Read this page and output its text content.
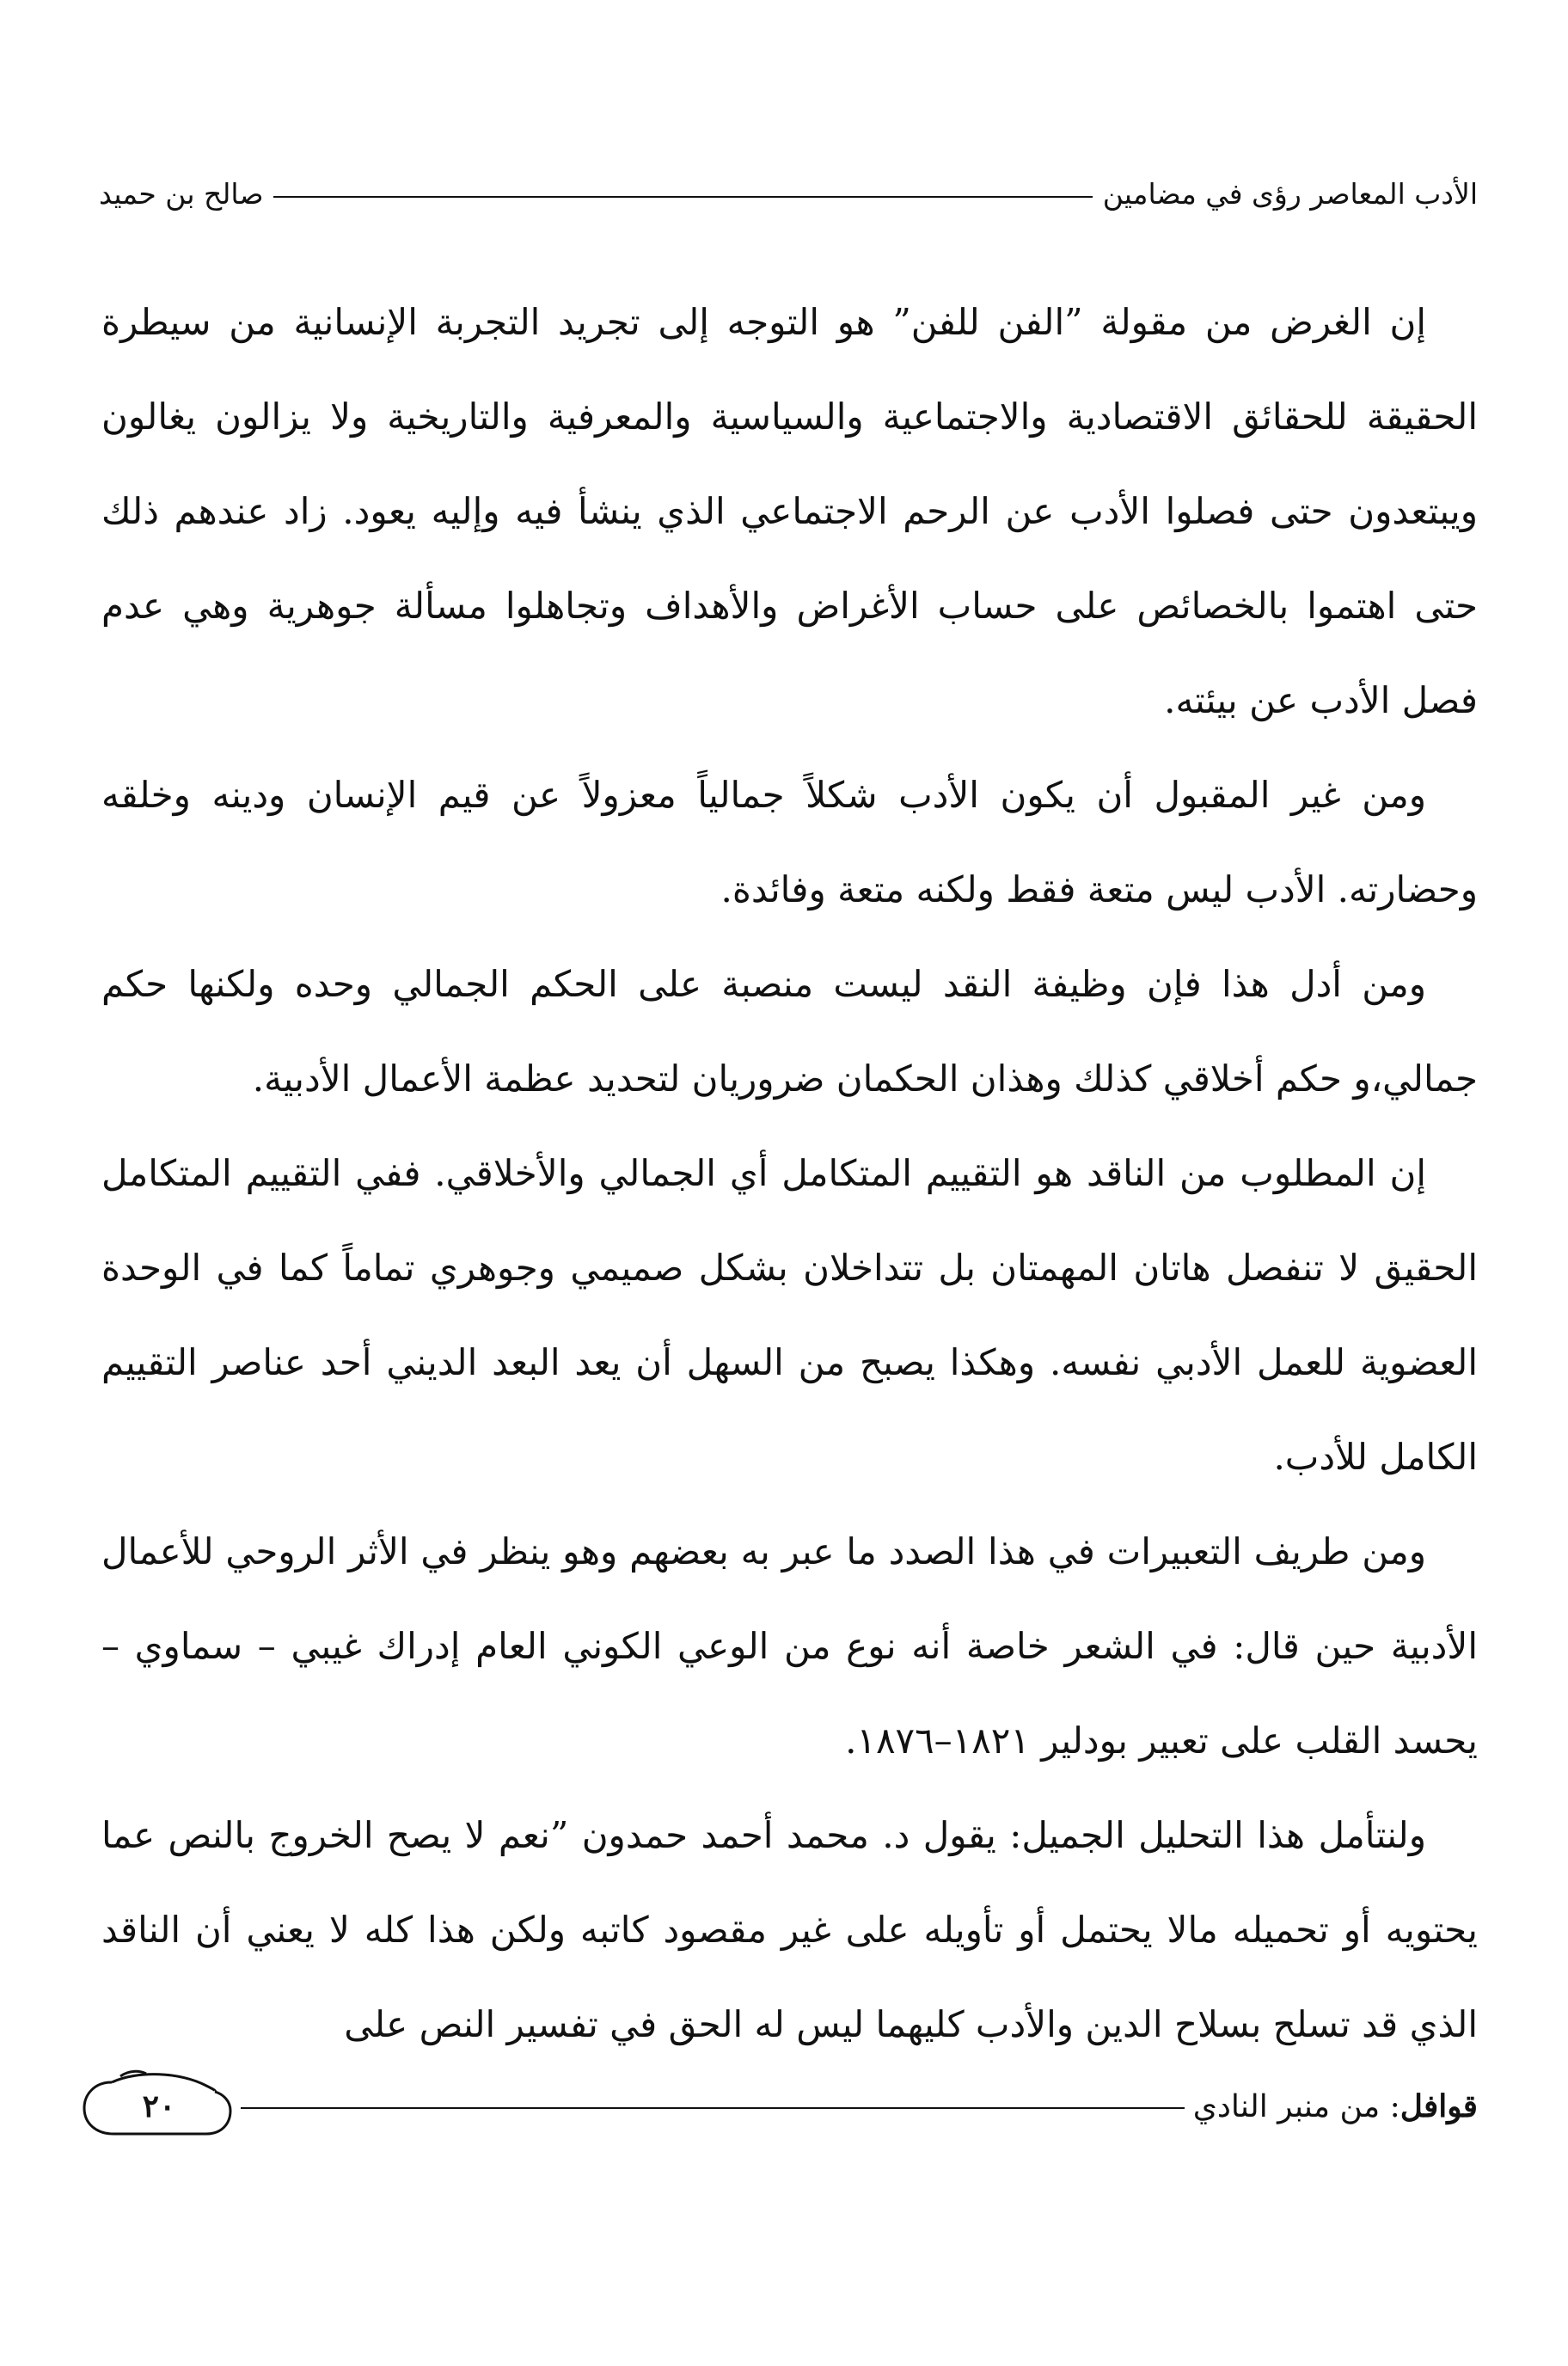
الأدب المعاصر رؤى في مضامين
صالح بن حميد

إن الغرض من مقولة ”الفن للفن” هو التوجه إلى تجريد التجربة الإنسانية من سيطرة الحقيقة للحقائق الاقتصادية والاجتماعية والسياسية والمعرفية والتاريخية ولا يزالون يغالون ويبتعدون حتى فصلوا الأدب عن الرحم الاجتماعي الذي ينشأ فيه وإليه يعود. زاد عندهم ذلك حتى اهتموا بالخصائص على حساب الأغراض والأهداف وتجاهلوا مسألة جوهرية وهي عدم فصل الأدب عن بيئته.

ومن غير المقبول أن يكون الأدب شكلاً جمالياً معزولاً عن قيم الإنسان ودينه وخلقه وحضارته. الأدب ليس متعة فقط ولكنه متعة وفائدة.

ومن أدل هذا فإن وظيفة النقد ليست منصبة على الحكم الجمالي وحده ولكنها حكم جمالي،و حكم أخلاقي كذلك وهذان الحكمان ضروريان لتحديد عظمة الأعمال الأدبية.

إن المطلوب من الناقد هو التقييم المتكامل أي الجمالي والأخلاقي. ففي التقييم المتكامل الحقيق لا تنفصل هاتان المهمتان بل تتداخلان بشكل صميمي وجوهري تماماً كما في الوحدة العضوية للعمل الأدبي نفسه. وهكذا يصبح من السهل أن يعد البعد الديني أحد عناصر التقييم الكامل للأدب.

ومن طريف التعبيرات في هذا الصدد ما عبر به بعضهم وهو ينظر في الأثر الروحي للأعمال الأدبية حين قال: في الشعر خاصة أنه نوع من الوعي الكوني العام إدراك غيبي – سماوي – يحسد القلب على تعبير بودلير ١٨٢١–١٨٧٦.

ولنتأمل هذا التحليل الجميل: يقول د. محمد أحمد حمدون ”نعم لا يصح الخروج بالنص عما يحتويه أو تحميله مالا يحتمل أو تأويله على غير مقصود كاتبه ولكن هذا كله لا يعني أن الناقد الذي قد تسلح بسلاح الدين والأدب كليهما ليس له الحق في تفسير النص على

قوافل: من منبر النادي
٢٠
